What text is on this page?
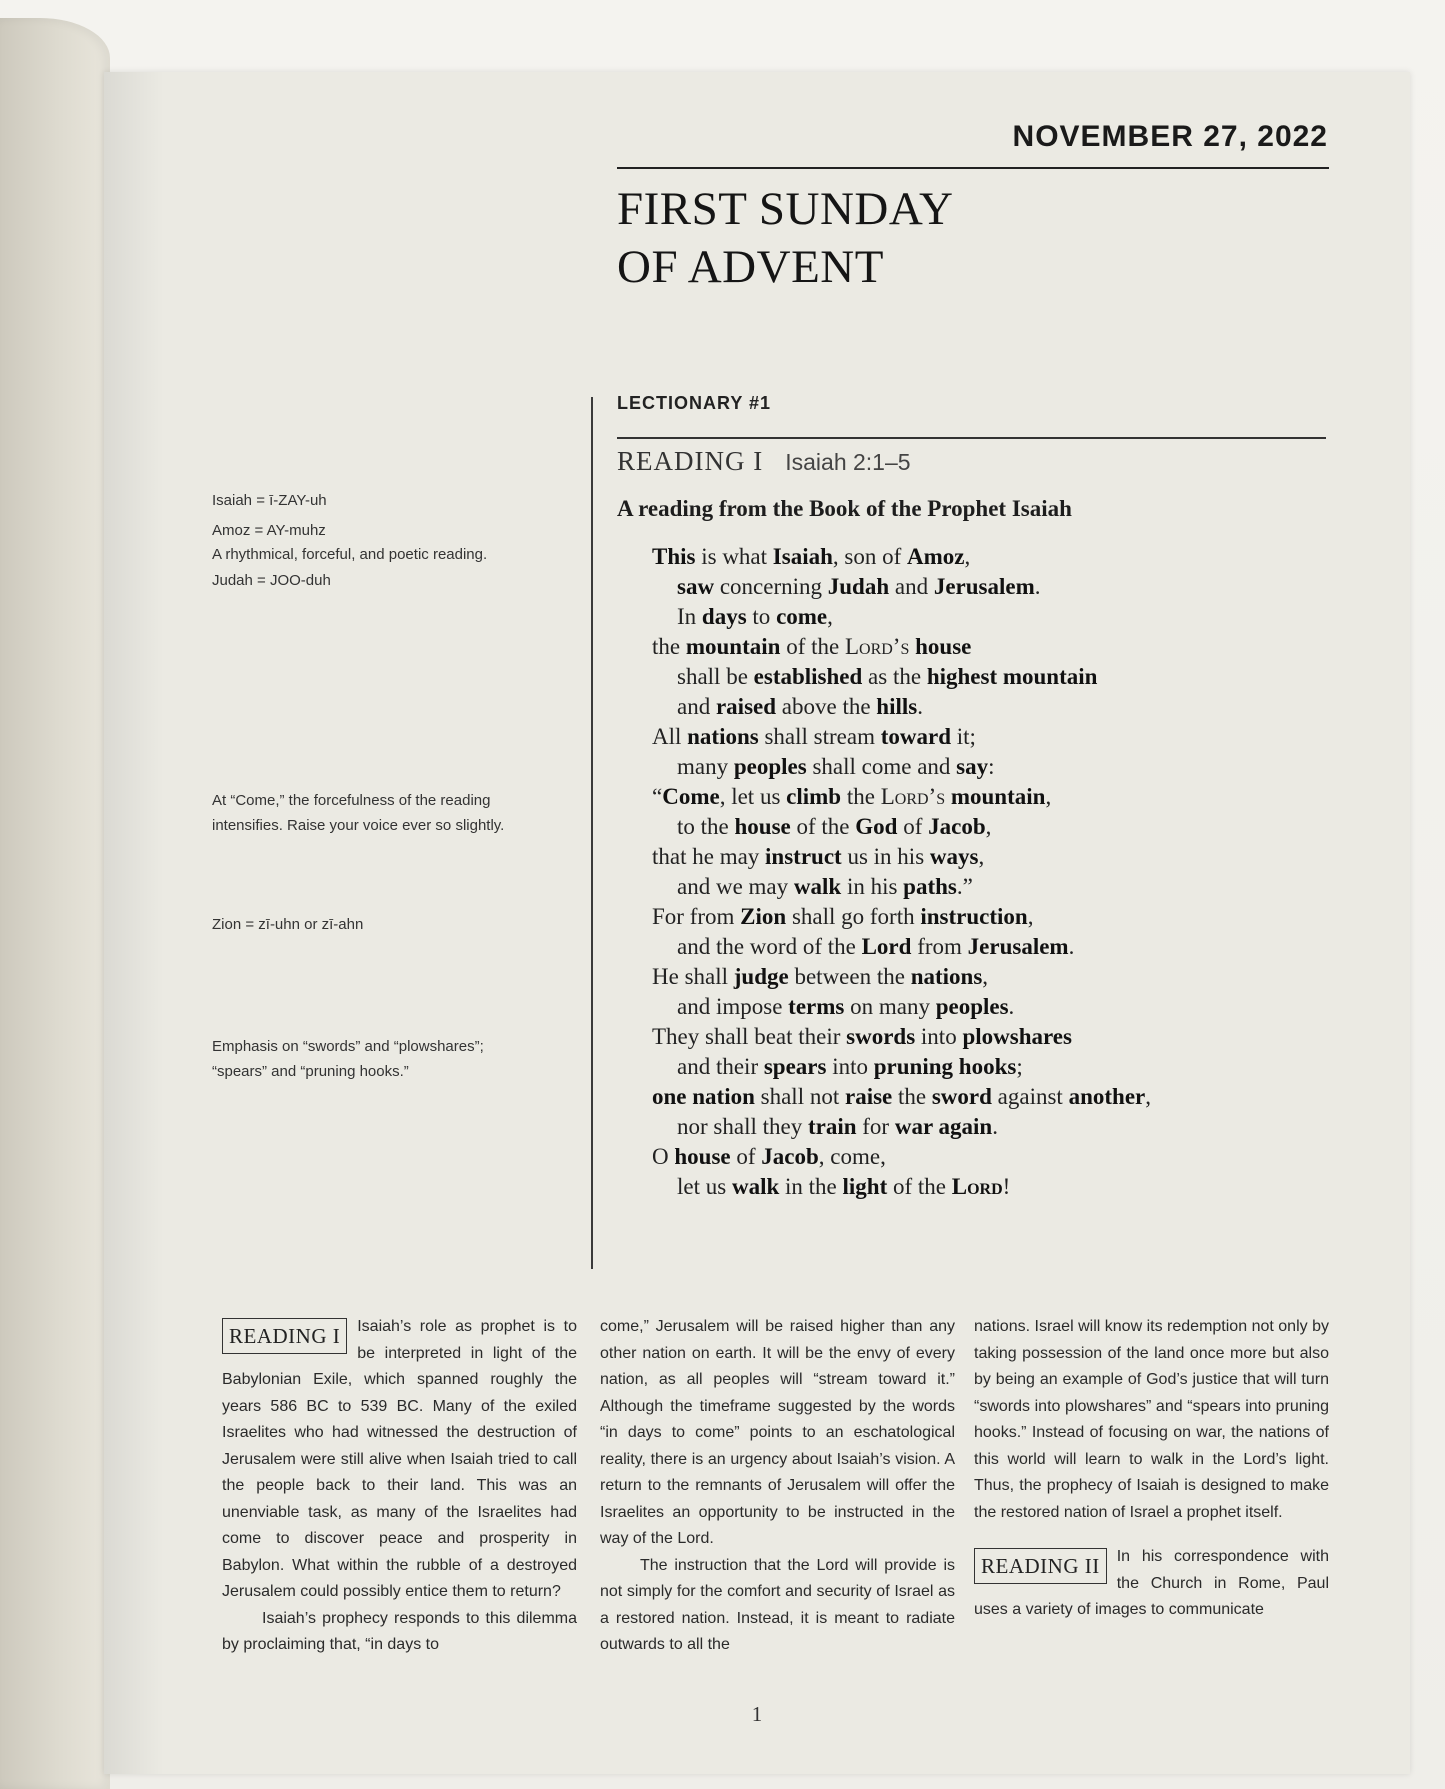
NOVEMBER 27, 2022
FIRST SUNDAY
OF ADVENT
LECTIONARY #1
READING I Isaiah 2:1–5
A reading from the Book of the Prophet Isaiah
This is what Isaiah, son of Amoz,
saw concerning Judah and Jerusalem.
In days to come,
the mountain of the Lord’s house
shall be established as the highest mountain
and raised above the hills.
All nations shall stream toward it;
many peoples shall come and say:
“Come, let us climb the Lord’s mountain,
to the house of the God of Jacob,
that he may instruct us in his ways,
and we may walk in his paths.”
For from Zion shall go forth instruction,
and the word of the Lord from Jerusalem.
He shall judge between the nations,
and impose terms on many peoples.
They shall beat their swords into plowshares
and their spears into pruning hooks;
one nation shall not raise the sword against another,
nor shall they train for war again.
O house of Jacob, come,
let us walk in the light of the Lord!
Isaiah = ī-ZAY-uh
Amoz = AY-muhz
A rhythmical, forceful, and poetic reading.
Judah = JOO-duh
At “Come,” the forcefulness of the reading intensifies. Raise your voice ever so slightly.
Zion = zī-uhn or zī-ahn
Emphasis on “swords” and “plowshares”; “spears” and “pruning hooks.”
READING I	Isaiah’s role as prophet is to be interpreted in light of the Babylonian Exile, which spanned roughly the years 586 BC to 539 BC. Many of the exiled Israelites who had witnessed the destruction of Jerusalem were still alive when Isaiah tried to call the people back to their land. This was an unenviable task, as many of the Israelites had come to discover peace and prosperity in Babylon. What within the rubble of a destroyed Jerusalem could possibly entice them to return?

Isaiah’s prophecy responds to this dilemma by proclaiming that, “in days to

come,” Jerusalem will be raised higher than any other nation on earth. It will be the envy of every nation, as all peoples will “stream toward it.” Although the timeframe suggested by the words “in days to come” points to an eschatological reality, there is an urgency about Isaiah’s vision. A return to the remnants of Jerusalem will offer the Israelites an opportunity to be instructed in the way of the Lord.

The instruction that the Lord will provide is not simply for the comfort and security of Israel as a restored nation. Instead, it is meant to radiate outwards to all the

nations. Israel will know its redemption not only by taking possession of the land once more but also by being an example of God’s justice that will turn “swords into plowshares” and “spears into pruning hooks.” Instead of focusing on war, the nations of this world will learn to walk in the Lord’s light. Thus, the prophecy of Isaiah is designed to make the restored nation of Israel a prophet itself.

READING II	In his correspondence with the Church in Rome, Paul uses a variety of images to communicate

1
